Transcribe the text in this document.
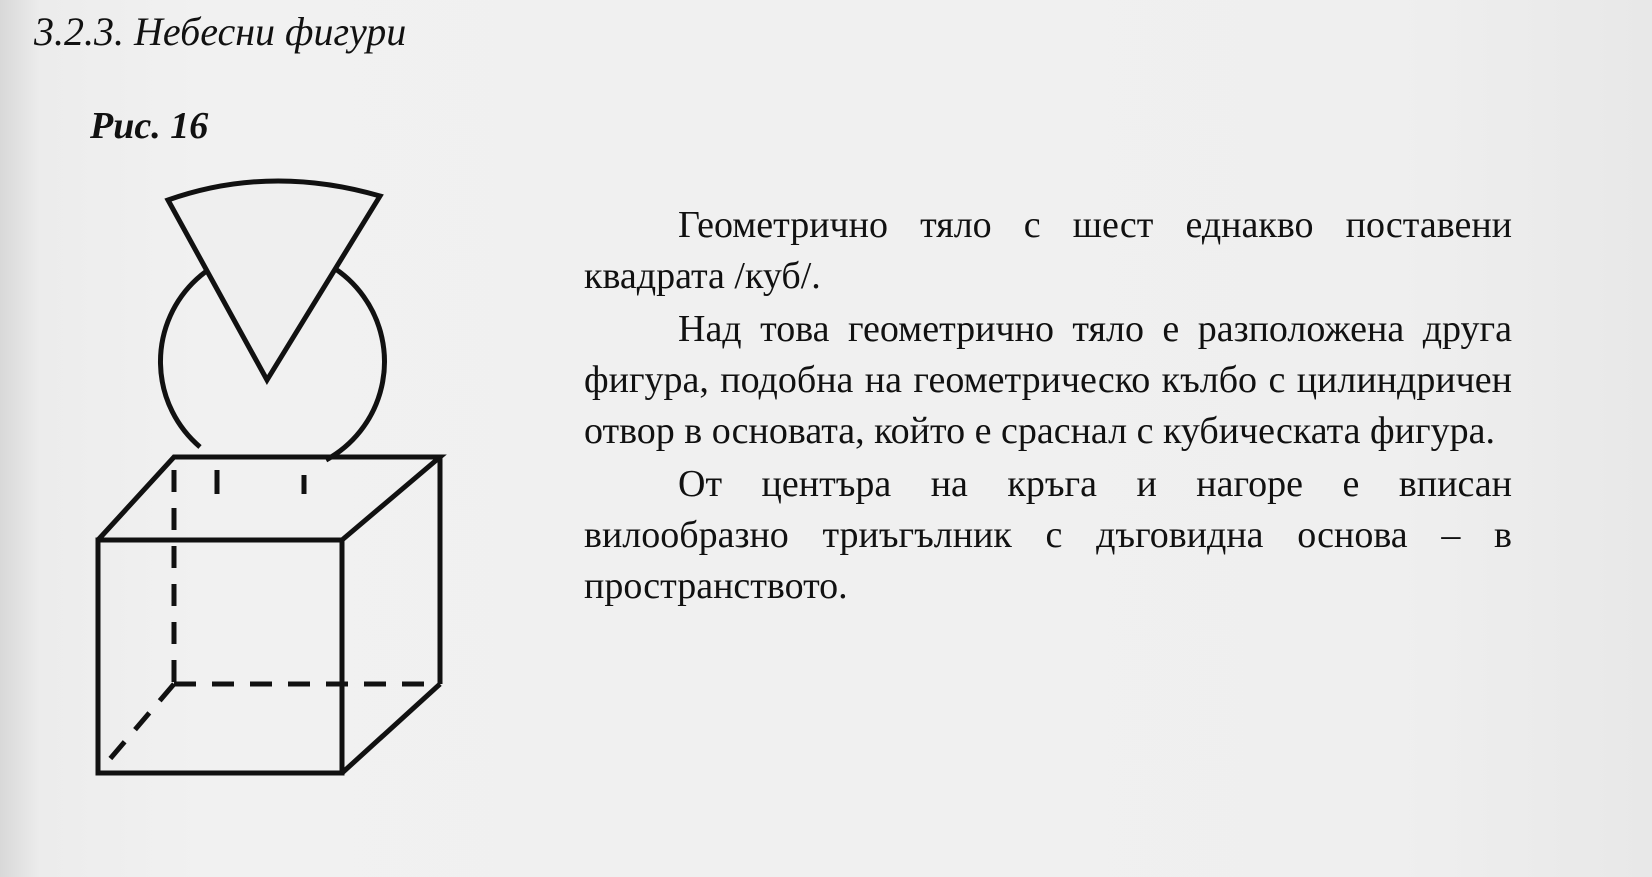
3.2.3. Небесни фигури
Рис. 16

Геометрично тяло с шест еднакво поставени квадрата /куб/.

Над това геометрично тяло е разположена друга фигура, подобна на геометрическо кълбо с цилиндричен отвор в основата, който е сраснал с кубическата фигура.

От центъра на кръга и нагоре е вписан вилообразно триъгълник с дъговидна основа – в пространството.
